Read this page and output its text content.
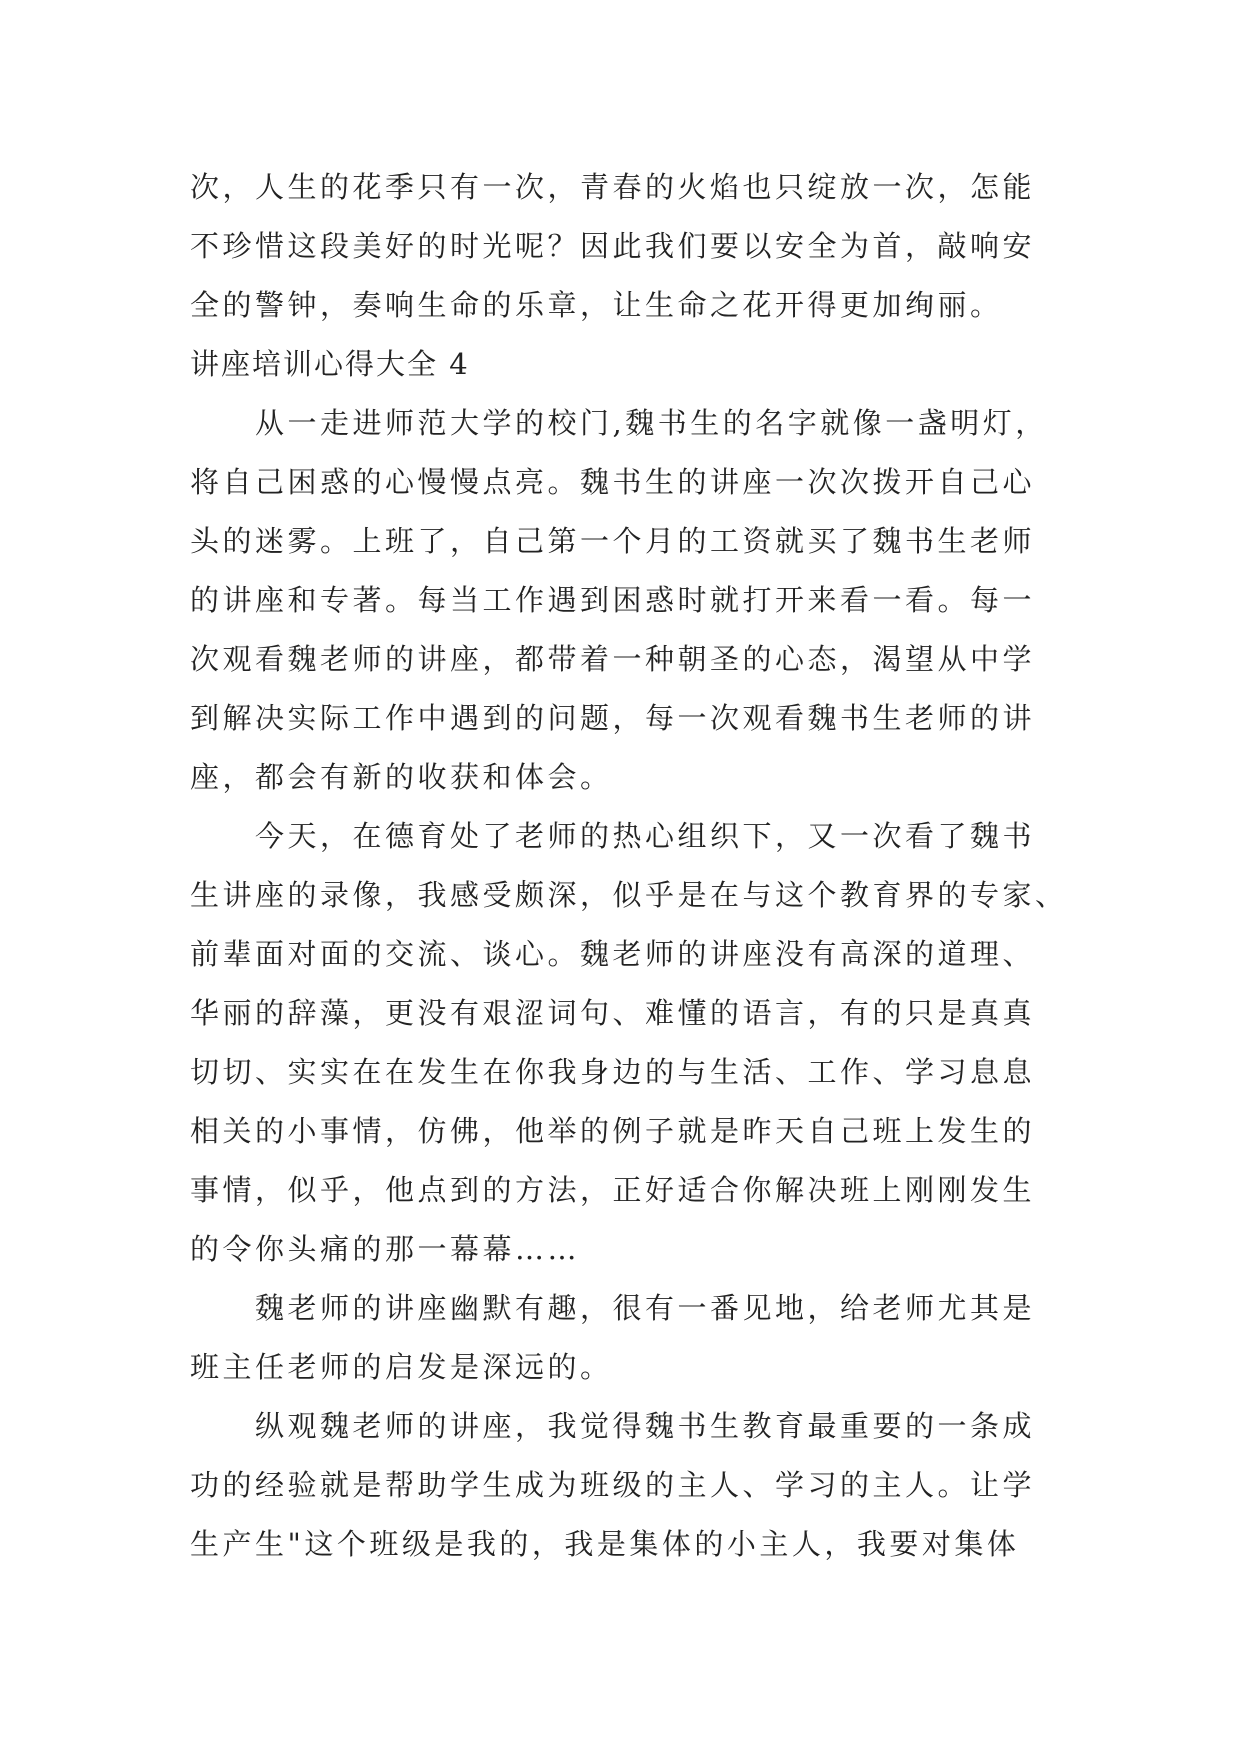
次，人生的花季只有一次，青春的火焰也只绽放一次，怎能
不珍惜这段美好的时光呢？因此我们要以安全为首，敲响安
全的警钟，奏响生命的乐章，让生命之花开得更加绚丽。
讲座培训心得大全 4
　　从一走进师范大学的校门,魏书生的名字就像一盏明灯，
将自己困惑的心慢慢点亮。魏书生的讲座一次次拨开自己心
头的迷雾。上班了，自己第一个月的工资就买了魏书生老师
的讲座和专著。每当工作遇到困惑时就打开来看一看。每一
次观看魏老师的讲座，都带着一种朝圣的心态，渴望从中学
到解决实际工作中遇到的问题，每一次观看魏书生老师的讲
座，都会有新的收获和体会。
　　今天，在德育处了老师的热心组织下，又一次看了魏书
生讲座的录像，我感受颇深，似乎是在与这个教育界的专家、
前辈面对面的交流、谈心。魏老师的讲座没有高深的道理、
华丽的辞藻，更没有艰涩词句、难懂的语言，有的只是真真
切切、实实在在发生在你我身边的与生活、工作、学习息息
相关的小事情，仿佛，他举的例子就是昨天自己班上发生的
事情，似乎，他点到的方法，正好适合你解决班上刚刚发生
的令你头痛的那一幕幕……
　　魏老师的讲座幽默有趣，很有一番见地，给老师尤其是
班主任老师的启发是深远的。
　　纵观魏老师的讲座，我觉得魏书生教育最重要的一条成
功的经验就是帮助学生成为班级的主人、学习的主人。让学
生产生"这个班级是我的，我是集体的小主人，我要对集体
